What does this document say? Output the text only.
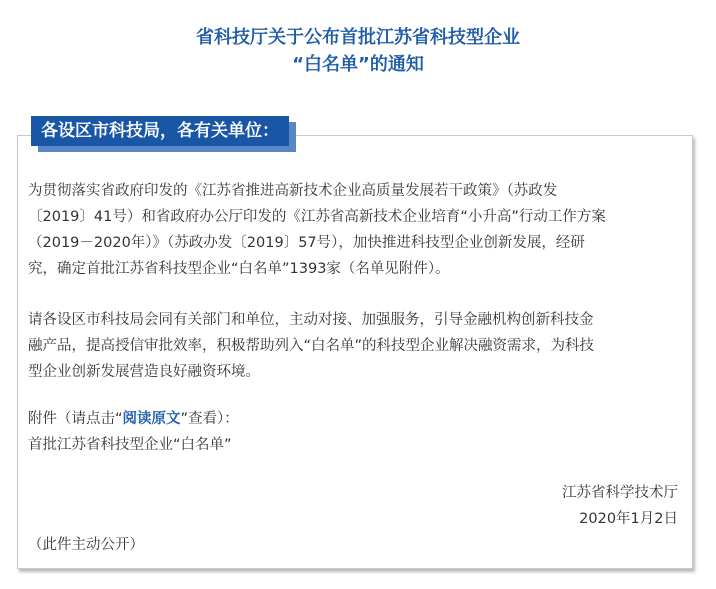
省科技厅关于公布首批江苏省科技型企业
“白名单”的通知
各设区市科技局，各有关单位：
为贯彻落实省政府印发的《江苏省推进高新技术企业高质量发展若干政策》（苏政发
〔2019〕41号）和省政府办公厅印发的《江苏省高新技术企业培育“小升高”行动工作方案
（2019－2020年）》（苏政办发〔2019〕57号），加快推进科技型企业创新发展，经研
究，确定首批江苏省科技型企业“白名单”1393家（名单见附件）。
请各设区市科技局会同有关部门和单位，主动对接、加强服务，引导金融机构创新科技金
融产品，提高授信审批效率，积极帮助列入“白名单”的科技型企业解决融资需求，为科技
型企业创新发展营造良好融资环境。
附件（请点击“阅读原文”查看）：
首批江苏省科技型企业“白名单”
江苏省科学技术厅
2020年1月2日
（此件主动公开）
